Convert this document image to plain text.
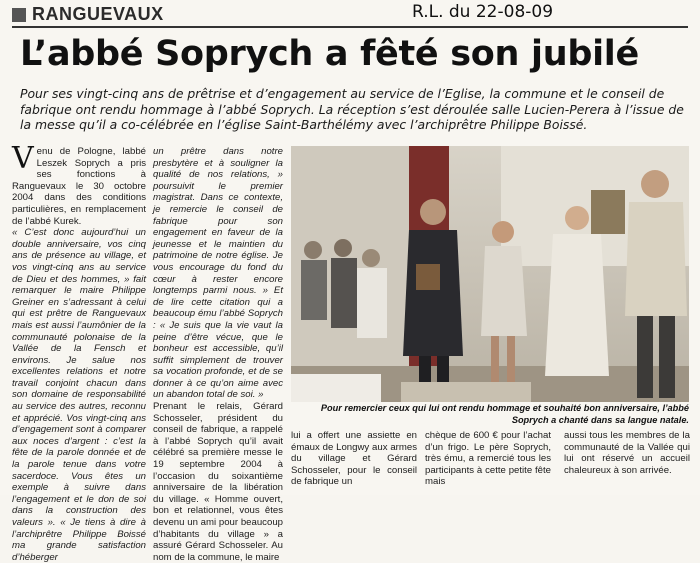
RANGUEVAUX	R.L. du 22-08-09
L’abbé Soprych a fêté son jubilé
Pour ses vingt-cinq ans de prêtrise et d’engagement au service de l’Eglise, la commune et le conseil de fabrique ont rendu hommage à l’abbé Soprych. La réception s’est déroulée salle Lucien-Perera à l’issue de la messe qu’il a co-célébrée en l’église Saint-Barthélémy avec l’archiprêtre Philippe Boissé.

V enu de Pologne, labbé Leszek Soprych a pris ses fonctions à Ranguevaux le 30 octobre 2004 dans des conditions particulières, en remplacement de l’abbé Kurek.

« C’est donc aujourd’hui un double anniversaire, vos cinq ans de présence au village, et vos vingt-cinq ans au service de Dieu et des hommes, » fait remarquer le maire Philippe Greiner en s’adressant à celui qui est prêtre de Ranguevaux mais est aussi l’aumônier de la communauté polonaise de la Vallée de la Fensch et environs. Je salue nos excellentes relations et notre travail conjoint chacun dans son domaine de responsabilité au service des autres, reconnu et apprécié. Vos vingt-cinq ans d’engagement sont à comparer aux noces d’argent : c’est la fête de la parole donnée et de la parole tenue dans votre sacerdoce. Vous êtes un exemple à suivre dans l’engagement et le don de soi dans la construction des valeurs ». « Je tiens à dire à l’archiprêtre Philippe Boissé ma grande satisfaction d’héberger

un prêtre dans notre presbytère et à souligner la qualité de nos relations, » poursuivit le premier magistrat. Dans ce contexte, je remercie le conseil de fabrique pour son engagement en faveur de la jeunesse et le maintien du patrimoine de notre église. Je vous encourage du fond du cœur à rester encore longtemps parmi nous. » Et de lire cette citation qui a beaucoup ému l’abbé Soprych : « Je suis que la vie vaut la peine d’être vécue, que le bonheur est accessible, qu’il suffit simplement de trouver sa vocation profonde, et de se donner à ce qu’on aime avec un abandon total de soi. »

Prenant le relais, Gérard Schosseler, président du conseil de fabrique, a rappelé à l’abbé Soprych qu’il avait célébré sa première messe le 19 septembre 2004 à l’occasion du soixantième anniversaire de la libération du village. « Homme ouvert, bon et relationnel, vous êtes devenu un ami pour beaucoup d’habitants du village » a assuré Gérard Schosseler. Au nom de la commune, le maire

Pour remercier ceux qui lui ont rendu hommage et souhaité bon anniversaire, l’abbé Soprych a chanté dans sa langue natale.

lui a offert une assiette en émaux de Longwy aux armes du village et Gérard Schosseler, pour le conseil de fabrique un

chèque de 600 € pour l’achat d’un frigo. Le père Soprych, très ému, a remercié tous les participants à cette petite fête mais

aussi tous les membres de la communauté de la Vallée qui lui ont réservé un accueil chaleureux à son arrivée.
